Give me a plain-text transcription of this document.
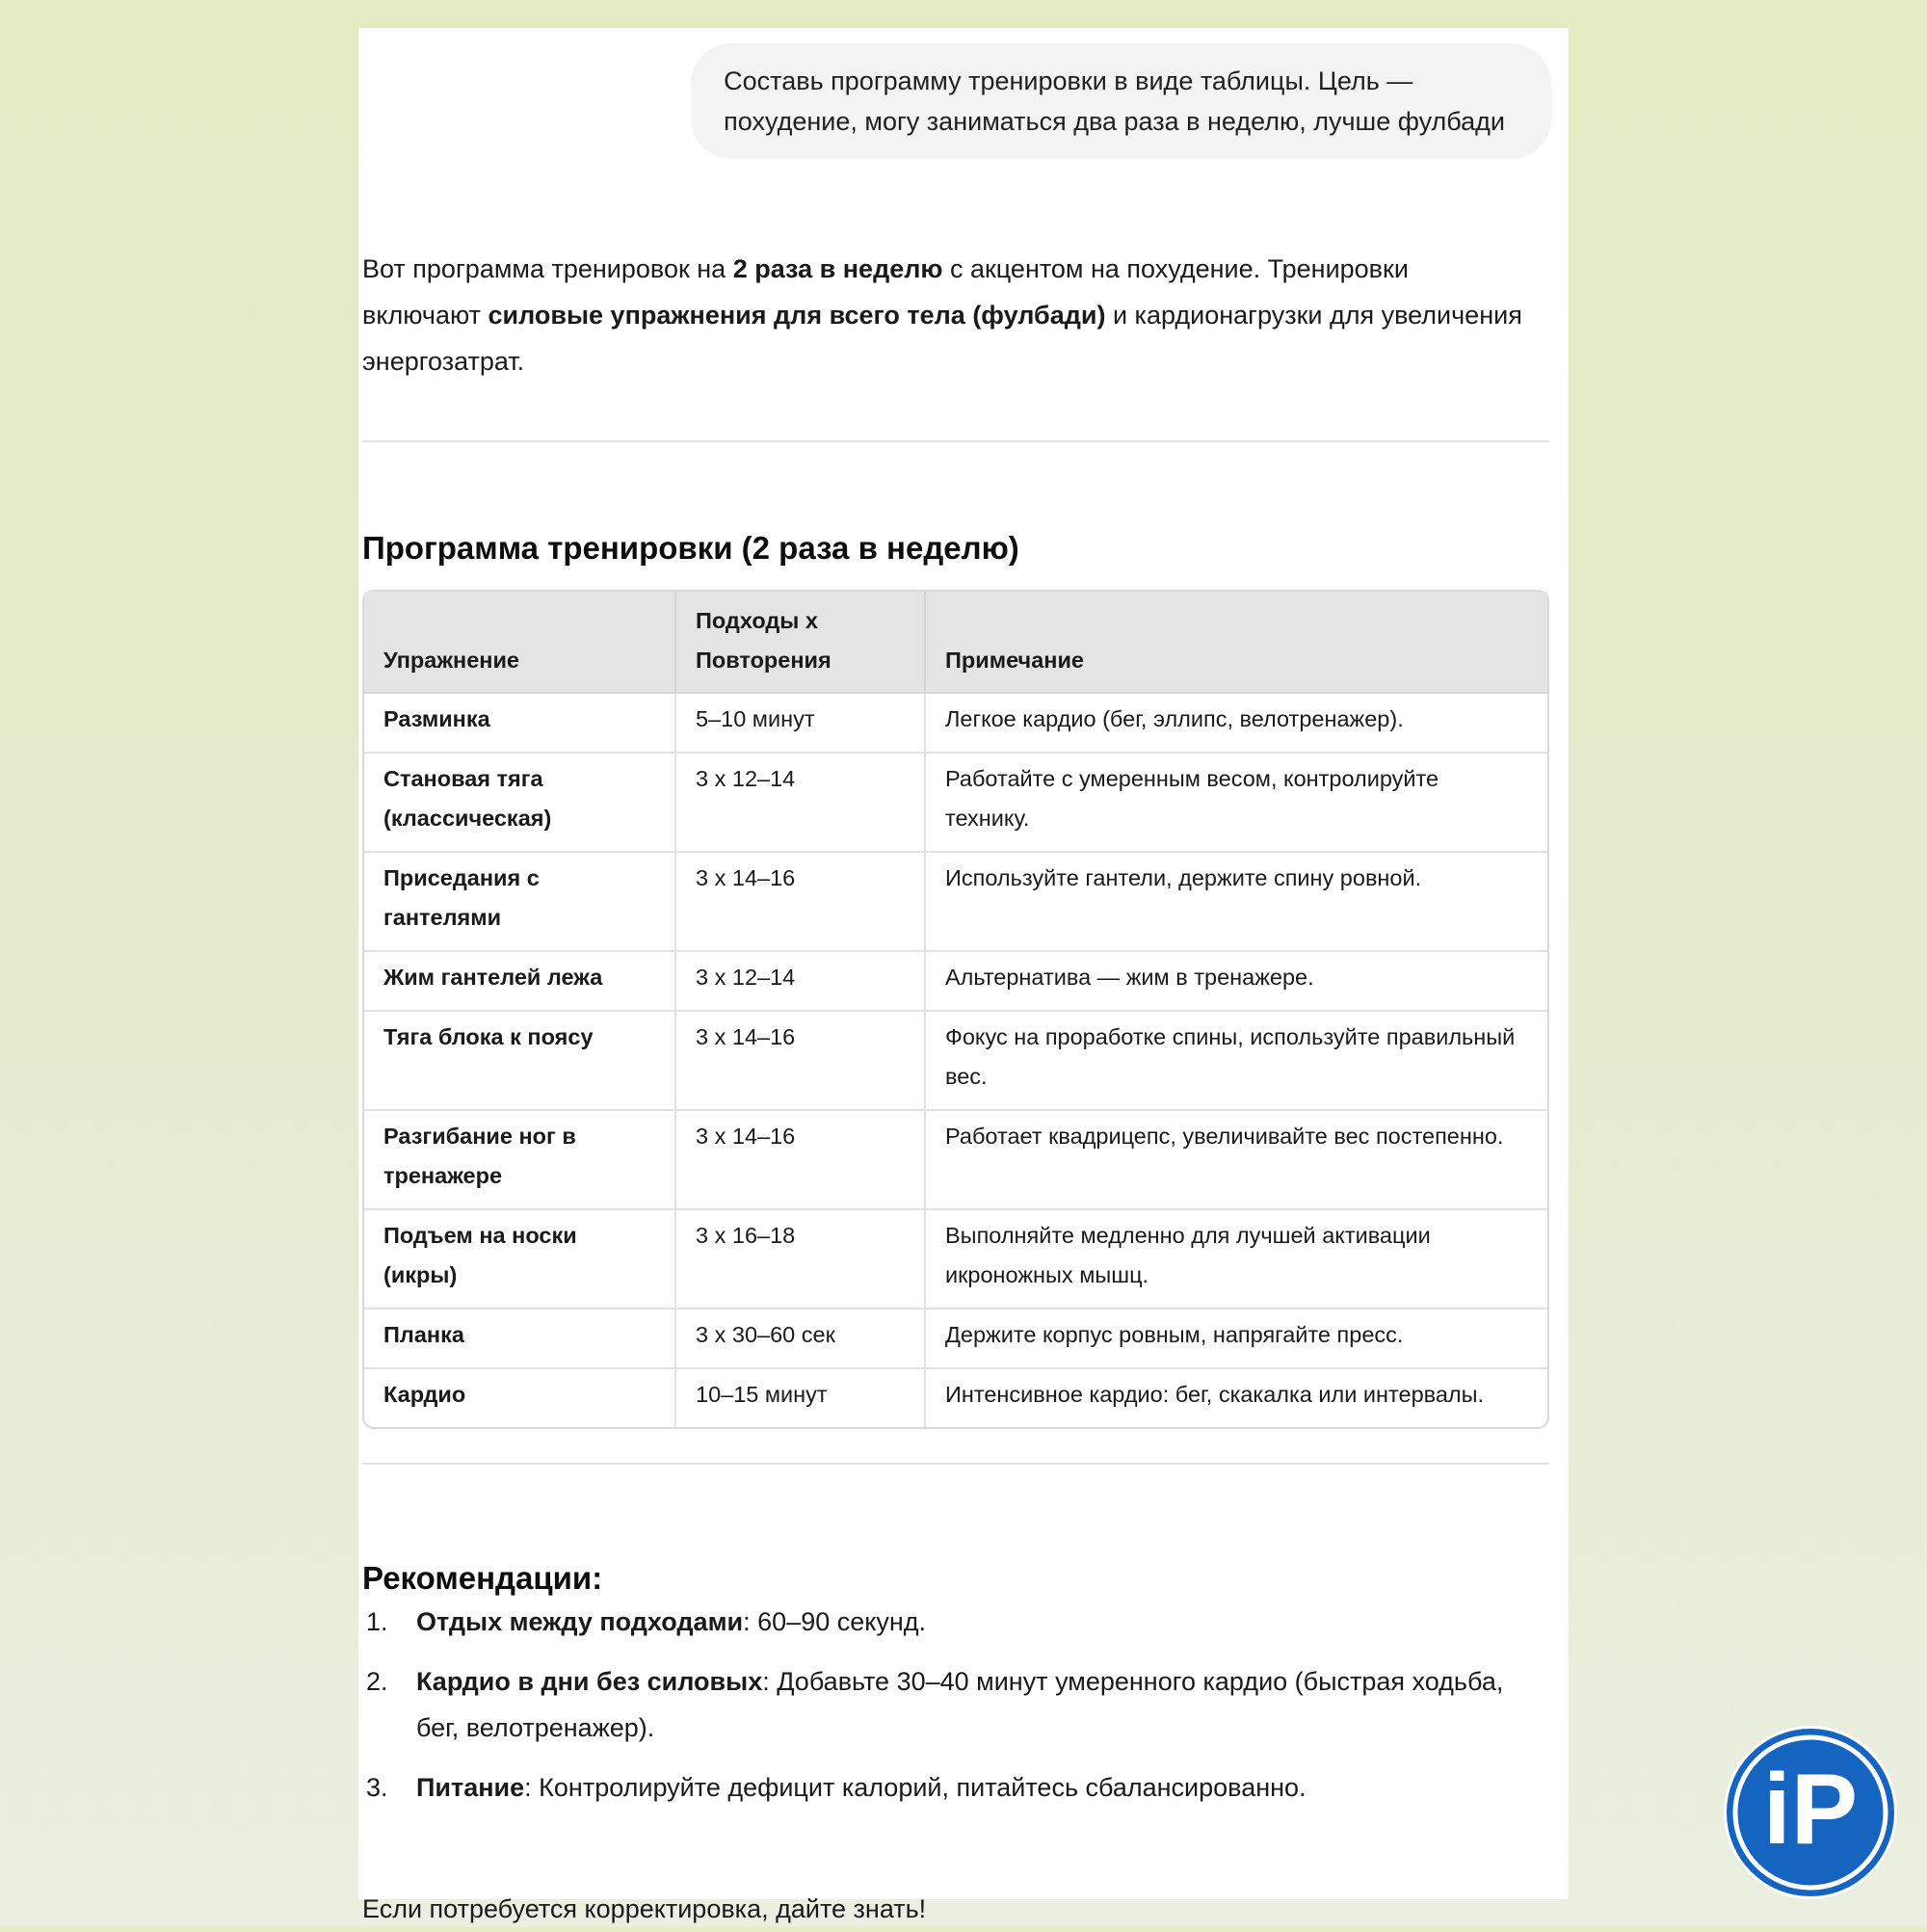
Составь программу тренировки в виде таблицы. Цель —
похудение, могу заниматься два раза в неделю, лучше фулбади

Вот программа тренировок на 2 раза в неделю с акцентом на похудение. Тренировки включают силовые упражнения для всего тела (фулбади) и кардионагрузки для увеличения энергозатрат.

Программа тренировки (2 раза в неделю)
Упражнение	Подходы x Повторения	Примечание
Разминка	5–10 минут	Легкое кардио (бег, эллипс, велотренажер).
Становая тяга (классическая)	3 x 12–14	Работайте с умеренным весом, контролируйте технику.
Приседания с гантелями	3 x 14–16	Используйте гантели, держите спину ровной.
Жим гантелей лежа	3 x 12–14	Альтернатива — жим в тренажере.
Тяга блока к поясу	3 x 14–16	Фокус на проработке спины, используйте правильный вес.
Разгибание ног в тренажере	3 x 14–16	Работает квадрицепс, увеличивайте вес постепенно.
Подъем на носки (икры)	3 x 16–18	Выполняйте медленно для лучшей активации икроножных мышц.
Планка	3 x 30–60 сек	Держите корпус ровным, напрягайте пресс.
Кардио	10–15 минут	Интенсивное кардио: бег, скакалка или интервалы.
Рекомендации:
1. Отдых между подходами: 60–90 секунд.
2. Кардио в дни без силовых: Добавьте 30–40 минут умеренного кардио (быстрая ходьба, бег, велотренажер).
3. Питание: Контролируйте дефицит калорий, питайтесь сбалансированно.

Если потребуется корректировка, дайте знать!

iP
